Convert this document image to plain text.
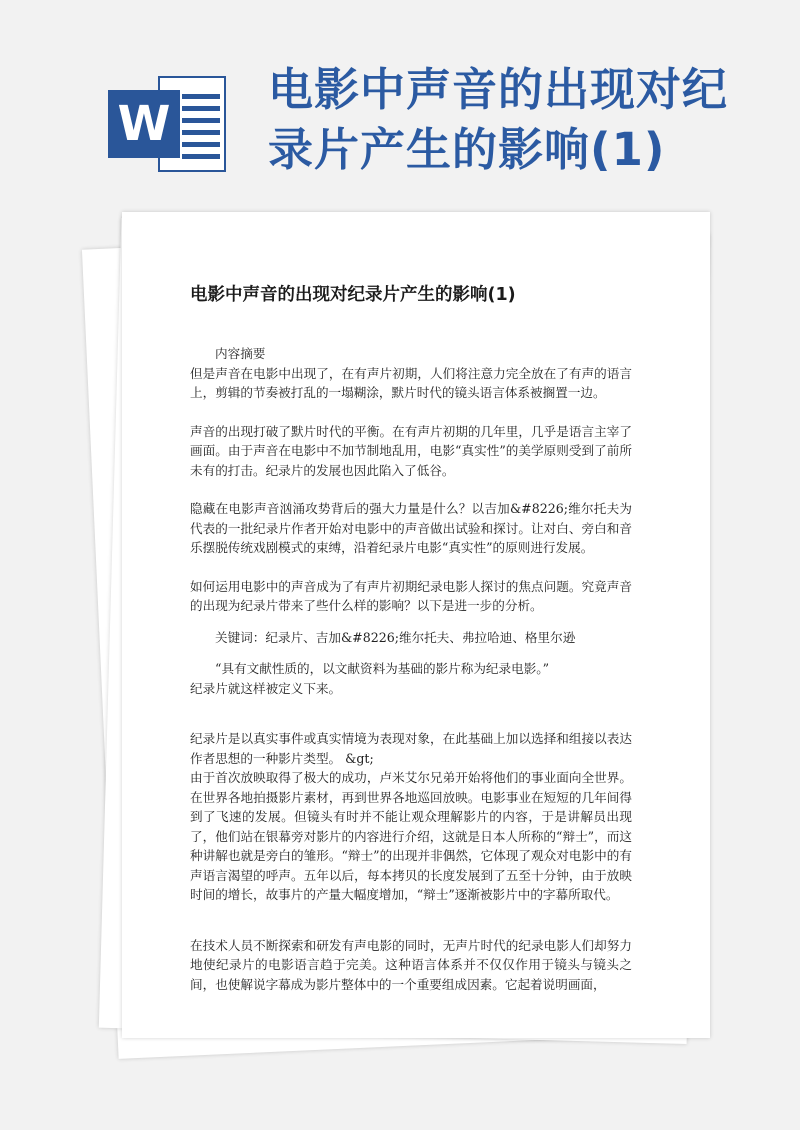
W
电影中声音的出现对纪
录片产生的影响(1)
电影中声音的出现对纪录片产生的影响(1)

内容摘要

但是声音在电影中出现了，在有声片初期，人们将注意力完全放在了有声的语言上，剪辑的节奏被打乱的一塌糊涂，默片时代的镜头语言体系被搁置一边。

声音的出现打破了默片时代的平衡。在有声片初期的几年里，几乎是语言主宰了画面。由于声音在电影中不加节制地乱用，电影“真实性”的美学原则受到了前所未有的打击。纪录片的发展也因此陷入了低谷。

隐藏在电影声音汹涌攻势背后的强大力量是什么？以吉加&#8226;维尔托夫为代表的一批纪录片作者开始对电影中的声音做出试验和探讨。让对白、旁白和音乐摆脱传统戏剧模式的束缚，沿着纪录片电影“真实性”的原则进行发展。

如何运用电影中的声音成为了有声片初期纪录电影人探讨的焦点问题。究竟声音的出现为纪录片带来了些什么样的影响？以下是进一步的分析。

关键词：纪录片、吉加&#8226;维尔托夫、弗拉哈迪、格里尔逊

“具有文献性质的，以文献资料为基础的影片称为纪录电影。”

纪录片就这样被定义下来。

纪录片是以真实事件或真实情境为表现对象，在此基础上加以选择和组接以表达作者思想的一种影片类型。 &gt;

由于首次放映取得了极大的成功，卢米艾尔兄弟开始将他们的事业面向全世界。在世界各地拍摄影片素材，再到世界各地巡回放映。电影事业在短短的几年间得到了飞速的发展。但镜头有时并不能让观众理解影片的内容，于是讲解员出现了，他们站在银幕旁对影片的内容进行介绍，这就是日本人所称的“辩士”，而这种讲解也就是旁白的雏形。“辩士”的出现并非偶然，它体现了观众对电影中的有声语言渴望的呼声。五年以后，每本拷贝的长度发展到了五至十分钟，由于放映时间的增长，故事片的产量大幅度增加，“辩士”逐渐被影片中的字幕所取代。

在技术人员不断探索和研发有声电影的同时，无声片时代的纪录电影人们却努力地使纪录片的电影语言趋于完美。这种语言体系并不仅仅作用于镜头与镜头之间，也使解说字幕成为影片整体中的一个重要组成因素。它起着说明画面，
